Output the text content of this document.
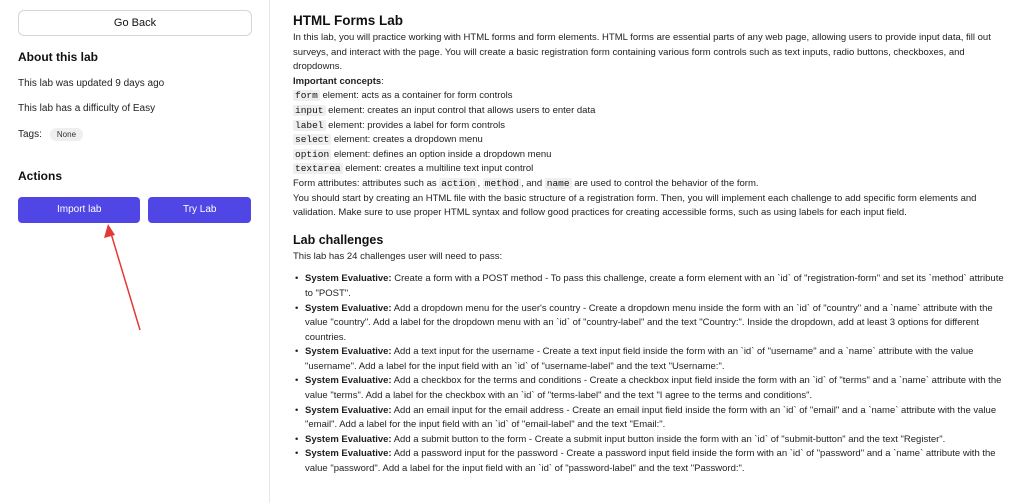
Go Back
About this lab
This lab was updated 9 days ago
This lab has a difficulty of Easy
Tags:	None
Actions
Import lab	Try Lab
HTML Forms Lab

In this lab, you will practice working with HTML forms and form elements. HTML forms are essential parts of any web page, allowing users to provide input data, fill out surveys, and interact with the page. You will create a basic registration form containing various form controls such as text inputs, radio buttons, checkboxes, and dropdowns.

Important concepts:
form element: acts as a container for form controls
input element: creates an input control that allows users to enter data
label element: provides a label for form controls
select element: creates a dropdown menu
option element: defines an option inside a dropdown menu
textarea element: creates a multiline text input control

Form attributes: attributes such as action , method , and name are used to control the behavior of the form.

You should start by creating an HTML file with the basic structure of a registration form. Then, you will implement each challenge to add specific form elements and validation. Make sure to use proper HTML syntax and follow good practices for creating accessible forms, such as using labels for each input field.

Lab challenges

This lab has 24 challenges user will need to pass:

• System Evaluative: Create a form with a POST method - To pass this challenge, create a form element with an `id` of "registration-form" and set its `method` attribute to "POST".
• System Evaluative: Add a dropdown menu for the user's country - Create a dropdown menu inside the form with an `id` of "country" and a `name` attribute with the value "country". Add a label for the dropdown menu with an `id` of "country-label" and the text "Country:". Inside the dropdown, add at least 3 options for different countries.
• System Evaluative: Add a text input for the username - Create a text input field inside the form with an `id` of "username" and a `name` attribute with the value "username". Add a label for the input field with an `id` of "username-label" and the text "Username:".
• System Evaluative: Add a checkbox for the terms and conditions - Create a checkbox input field inside the form with an `id` of "terms" and a `name` attribute with the value "terms". Add a label for the checkbox with an `id` of "terms-label" and the text "I agree to the terms and conditions".
• System Evaluative: Add an email input for the email address - Create an email input field inside the form with an `id` of "email" and a `name` attribute with the value "email". Add a label for the input field with an `id` of "email-label" and the text "Email:".
• System Evaluative: Add a submit button to the form - Create a submit input button inside the form with an `id` of "submit-button" and the text "Register".
• System Evaluative: Add a password input for the password - Create a password input field inside the form with an `id` of "password" and a `name` attribute with the value "password". Add a label for the input field with an `id` of "password-label" and the text "Password:".
